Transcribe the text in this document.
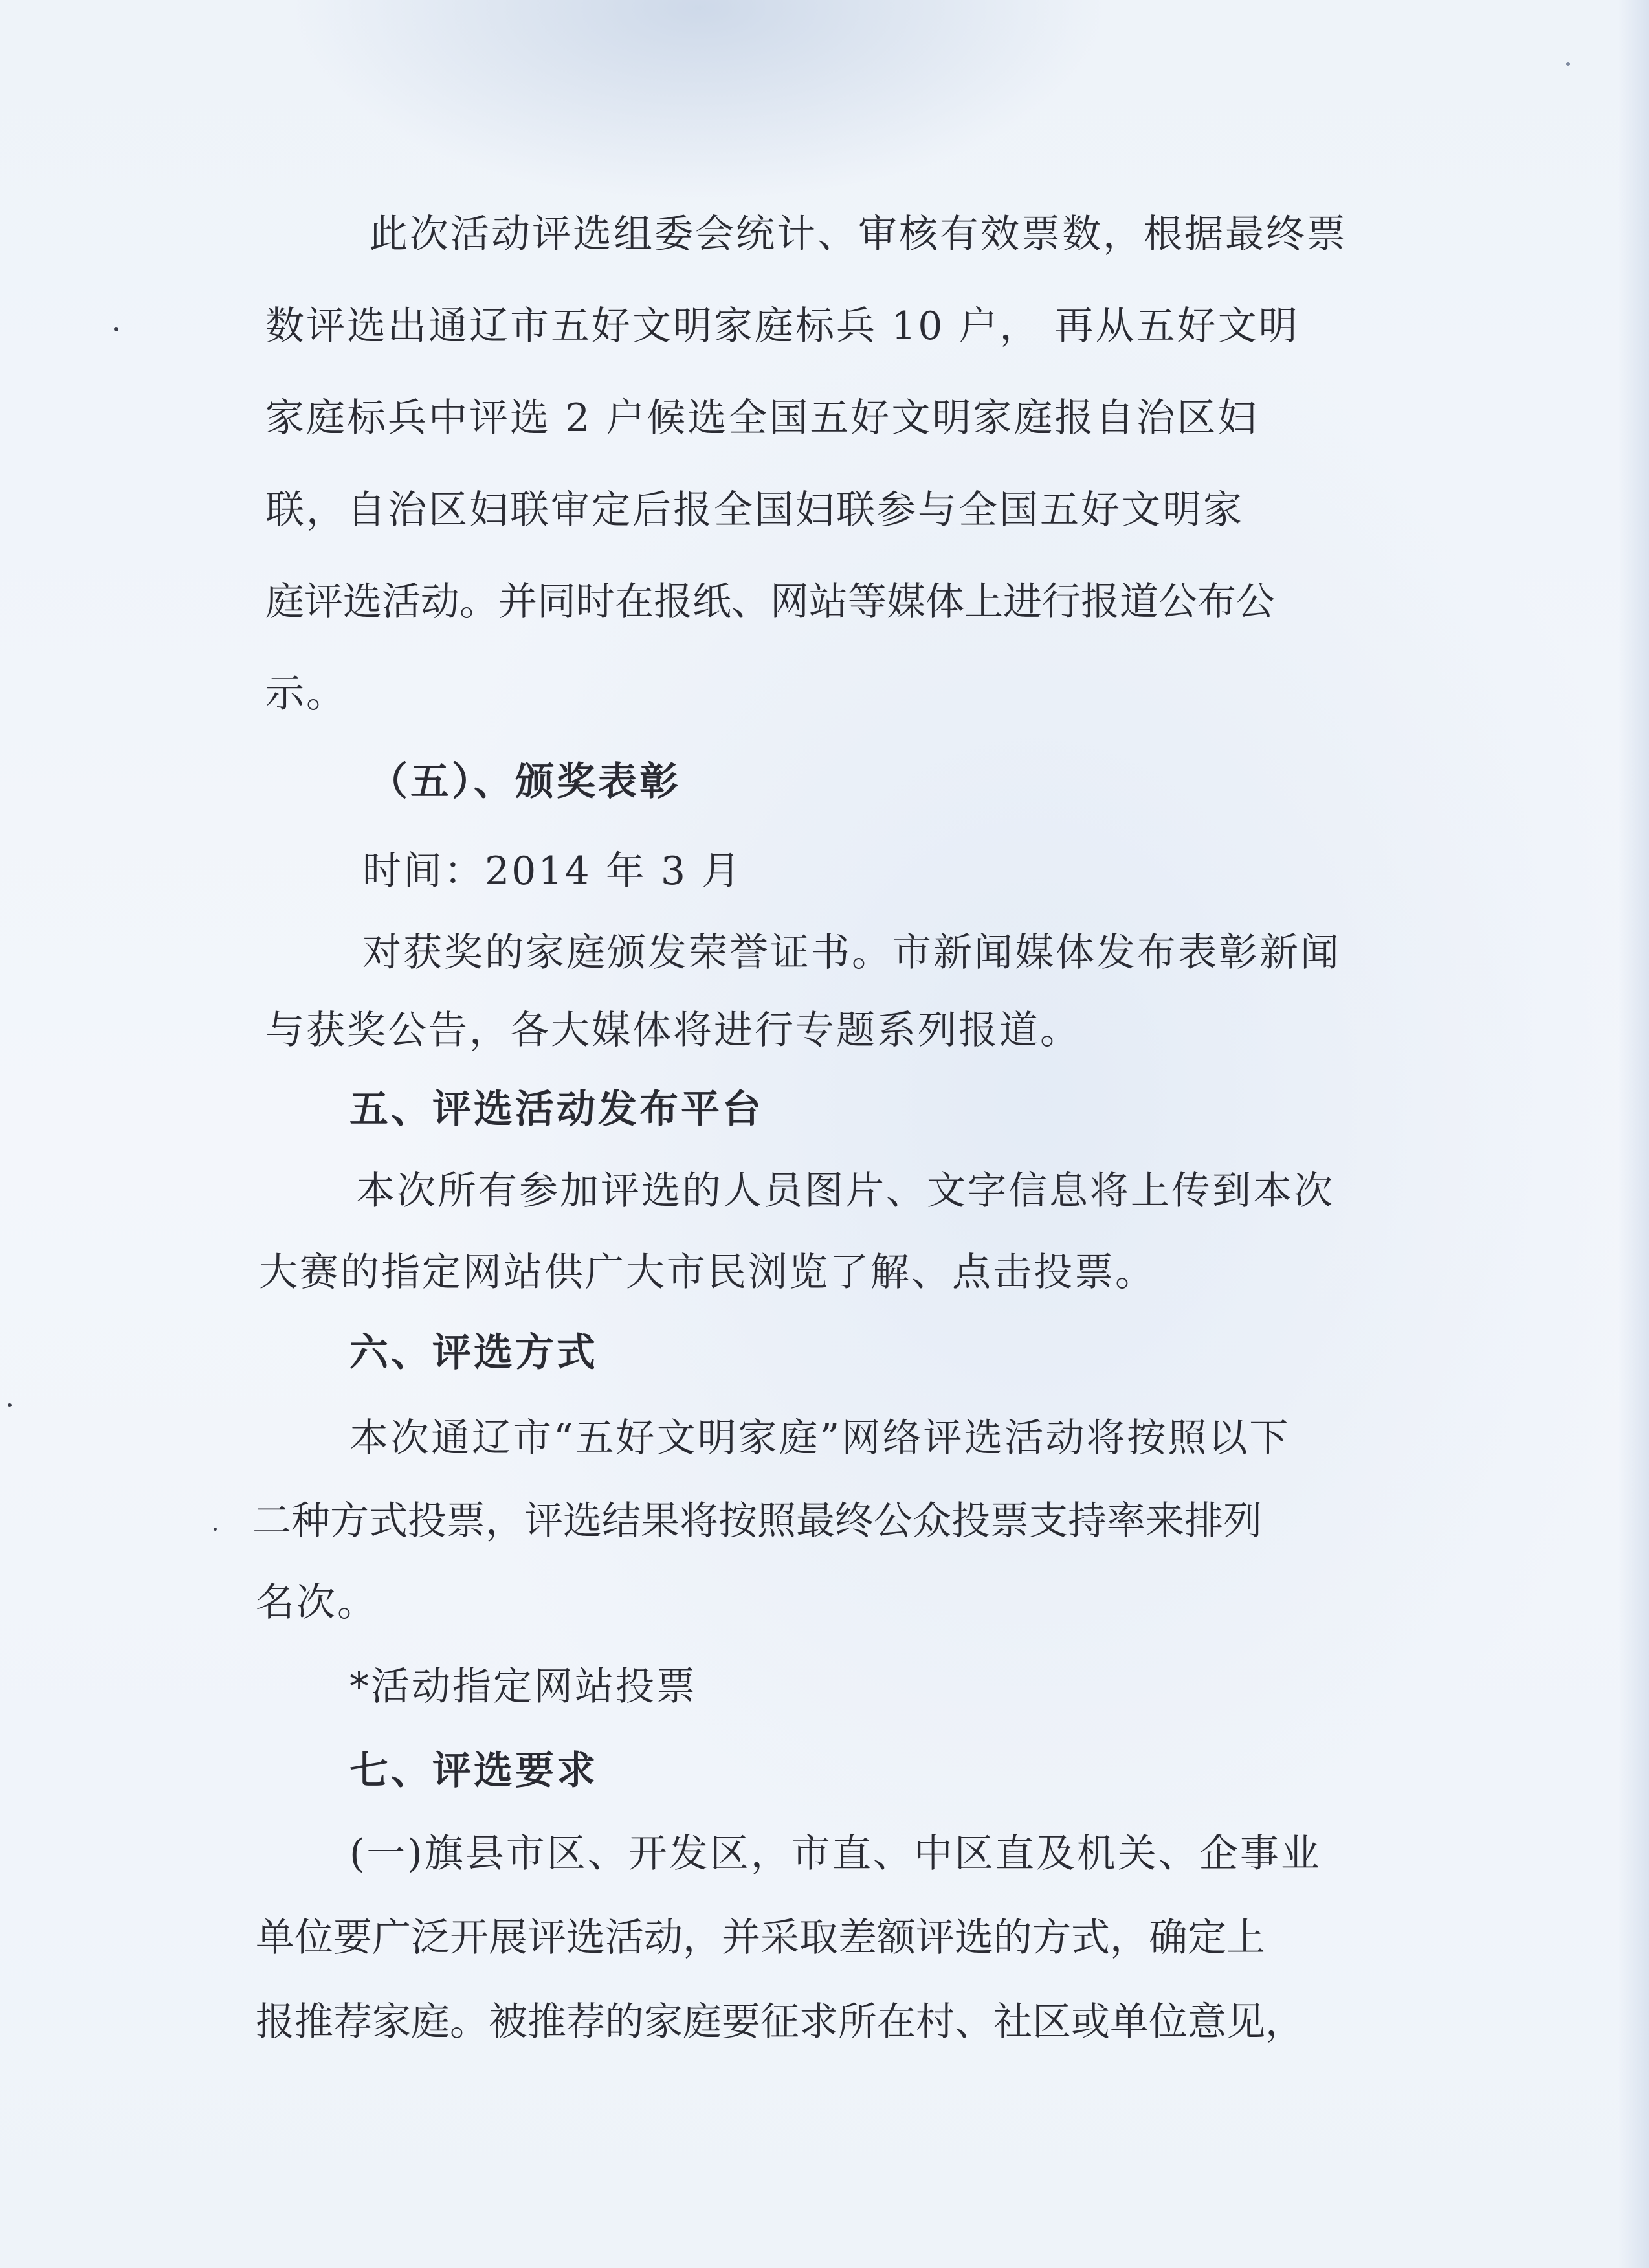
此次活动评选组委会统计、审核有效票数，根据最终票
数评选出通辽市五好文明家庭标兵 10 户， 再从五好文明
家庭标兵中评选 2 户候选全国五好文明家庭报自治区妇
联，自治区妇联审定后报全国妇联参与全国五好文明家
庭评选活动。并同时在报纸、网站等媒体上进行报道公布公
示。
（五）、颁奖表彰
时间：2014 年 3 月
对获奖的家庭颁发荣誉证书。市新闻媒体发布表彰新闻
与获奖公告，各大媒体将进行专题系列报道。
五、评选活动发布平台
本次所有参加评选的人员图片、文字信息将上传到本次
大赛的指定网站供广大市民浏览了解、点击投票。
六、评选方式
本次通辽市“五好文明家庭”网络评选活动将按照以下
二种方式投票，评选结果将按照最终公众投票支持率来排列
名次。
*活动指定网站投票
七、评选要求
(一)旗县市区、开发区，市直、中区直及机关、企事业
单位要广泛开展评选活动，并采取差额评选的方式，确定上
报推荐家庭。被推荐的家庭要征求所在村、社区或单位意见，
